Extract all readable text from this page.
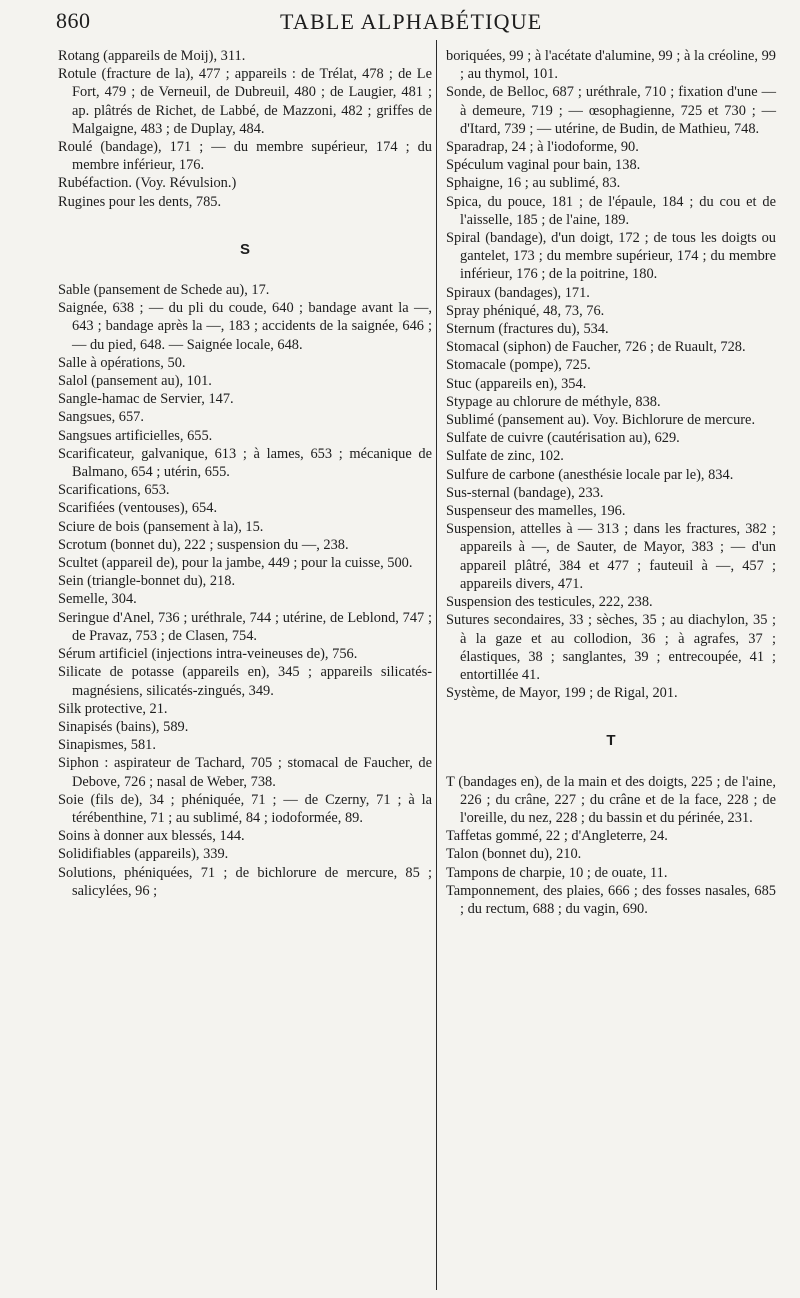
860	TABLE ALPHABÉTIQUE

Rotang (appareils de Moij), 311.

Rotule (fracture de la), 477 ; appareils : de Trélat, 478 ; de Le Fort, 479 ; de Verneuil, de Dubreuil, 480 ; de Laugier, 481 ; ap. plâtrés de Richet, de Labbé, de Mazzoni, 482 ; griffes de Malgaigne, 483 ; de Duplay, 484.

Roulé (bandage), 171 ; — du membre supérieur, 174 ; du membre inférieur, 176.

Rubéfaction. (Voy. Révulsion.)

Rugines pour les dents, 785.

S

Sable (pansement de Schede au), 17.

Saignée, 638 ; — du pli du coude, 640 ; bandage avant la —, 643 ; bandage après la —, 183 ; accidents de la saignée, 646 ; — du pied, 648. — Saignée locale, 648.

Salle à opérations, 50.

Salol (pansement au), 101.

Sangle-hamac de Servier, 147.

Sangsues, 657.

Sangsues artificielles, 655.

Scarificateur, galvanique, 613 ; à lames, 653 ; mécanique de Balmano, 654 ; utérin, 655.

Scarifications, 653.

Scarifiées (ventouses), 654.

Sciure de bois (pansement à la), 15.

Scrotum (bonnet du), 222 ; suspension du —, 238.

Scultet (appareil de), pour la jambe, 449 ; pour la cuisse, 500.

Sein (triangle-bonnet du), 218.

Semelle, 304.

Seringue d'Anel, 736 ; uréthrale, 744 ; utérine, de Leblond, 747 ; de Pravaz, 753 ; de Clasen, 754.

Sérum artificiel (injections intra-veineuses de), 756.

Silicate de potasse (appareils en), 345 ; appareils silicatés-magnésiens, silicatés-zingués, 349.

Silk protective, 21.

Sinapisés (bains), 589.

Sinapismes, 581.

Siphon : aspirateur de Tachard, 705 ; stomacal de Faucher, de Debove, 726 ; nasal de Weber, 738.

Soie (fils de), 34 ; phéniquée, 71 ; — de Czerny, 71 ; à la térébenthine, 71 ; au sublimé, 84 ; iodoformée, 89.

Soins à donner aux blessés, 144.

Solidifiables (appareils), 339.

Solutions, phéniquées, 71 ; de bichlorure de mercure, 85 ; salicylées, 96 ;

boriquées, 99 ; à l'acétate d'alumine, 99 ; à la créoline, 99 ; au thymol, 101.

Sonde, de Belloc, 687 ; uréthrale, 710 ; fixation d'une — à demeure, 719 ; — œsophagienne, 725 et 730 ; — d'Itard, 739 ; — utérine, de Budin, de Mathieu, 748.

Sparadrap, 24 ; à l'iodoforme, 90.

Spéculum vaginal pour bain, 138.

Sphaigne, 16 ; au sublimé, 83.

Spica, du pouce, 181 ; de l'épaule, 184 ; du cou et de l'aisselle, 185 ; de l'aine, 189.

Spiral (bandage), d'un doigt, 172 ; de tous les doigts ou gantelet, 173 ; du membre supérieur, 174 ; du membre inférieur, 176 ; de la poitrine, 180.

Spiraux (bandages), 171.

Spray phéniqué, 48, 73, 76.

Sternum (fractures du), 534.

Stomacal (siphon) de Faucher, 726 ; de Ruault, 728.

Stomacale (pompe), 725.

Stuc (appareils en), 354.

Stypage au chlorure de méthyle, 838.

Sublimé (pansement au). Voy. Bichlorure de mercure.

Sulfate de cuivre (cautérisation au), 629.

Sulfate de zinc, 102.

Sulfure de carbone (anesthésie locale par le), 834.

Sus-sternal (bandage), 233.

Suspenseur des mamelles, 196.

Suspension, attelles à — 313 ; dans les fractures, 382 ; appareils à —, de Sauter, de Mayor, 383 ; — d'un appareil plâtré, 384 et 477 ; fauteuil à —, 457 ; appareils divers, 471.

Suspension des testicules, 222, 238.

Sutures secondaires, 33 ; sèches, 35 ; au diachylon, 35 ; à la gaze et au collodion, 36 ; à agrafes, 37 ; élastiques, 38 ; sanglantes, 39 ; entrecoupée, 41 ; entortillée 41.

Système, de Mayor, 199 ; de Rigal, 201.

T

T (bandages en), de la main et des doigts, 225 ; de l'aine, 226 ; du crâne, 227 ; du crâne et de la face, 228 ; de l'oreille, du nez, 228 ; du bassin et du périnée, 231.

Taffetas gommé, 22 ; d'Angleterre, 24.

Talon (bonnet du), 210.

Tampons de charpie, 10 ; de ouate, 11.

Tamponnement, des plaies, 666 ; des fosses nasales, 685 ; du rectum, 688 ; du vagin, 690.
